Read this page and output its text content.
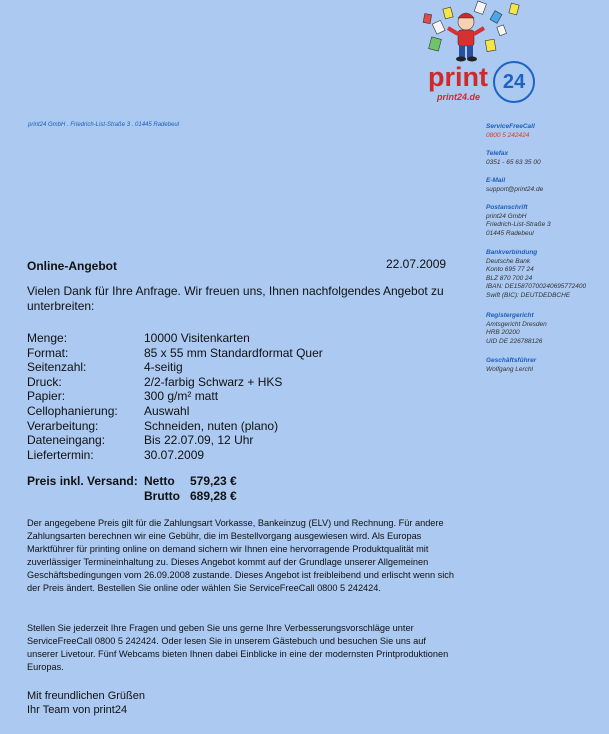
print 24
print24.de
print24 GmbH . Friedrich-List-Straße 3 . 01445 Radebeul	ServiceFreeCall
0800 5 242424
Telefax
0351 - 65 63 35 00
E-Mail
support@print24.de
Postanschrift
print24 GmbH
Friedrich-List-Straße 3
01445 Radebeul
Bankverbindung
Deutsche Bank
Konto 695 77 24
BLZ 870 700 24
IBAN: DE15870700240695772400
Swift (BIC): DEUTDEDBCHE
Registergericht
Amtsgericht Dresden
HRB 20200
UID DE 226788126
Geschäftsführer
Wolfgang Lerchl
Online-Angebot	22.07.2009
Vielen Dank für Ihre Anfrage. Wir freuen uns, Ihnen nachfolgendes Angebot zu unterbreiten:
Menge:	10000 Visitenkarten
Format:	85 x 55 mm Standardformat Quer
Seitenzahl:	4-seitig
Druck:	2/2-farbig Schwarz + HKS
Papier:	300 g/m² matt
Cellophanierung:	Auswahl
Verarbeitung:	Schneiden, nuten (plano)
Dateneingang:	Bis 22.07.09, 12 Uhr
Liefertermin:	30.07.2009
Preis inkl. Versand: Netto	579,23 €
Brutto 689,28 €
Der angegebene Preis gilt für die Zahlungsart Vorkasse, Bankeinzug (ELV) und Rechnung. Für andere Zahlungsarten berechnen wir eine Gebühr, die im Bestellvorgang ausgewiesen wird. Als Europas Marktführer für printing online on demand sichern wir Ihnen eine hervorragende Produktqualität mit zuverlässiger Termineinhaltung zu. Dieses Angebot kommt auf der Grundlage unserer Allgemeinen Geschäftsbedingungen vom 26.09.2008 zustande. Dieses Angebot ist freibleibend und erlischt wenn sich der Preis ändert. Bestellen Sie online oder wählen Sie ServiceFreeCall 0800 5 242424.
Stellen Sie jederzeit Ihre Fragen und geben Sie uns gerne Ihre Verbesserungsvorschläge unter ServiceFreeCall 0800 5 242424. Oder lesen Sie in unserem Gästebuch und besuchen Sie uns auf unserer Livetour. Fünf Webcams bieten Ihnen dabei Einblicke in eine der modernsten Printproduktionen Europas.
Mit freundlichen Grüßen
Ihr Team von print24
